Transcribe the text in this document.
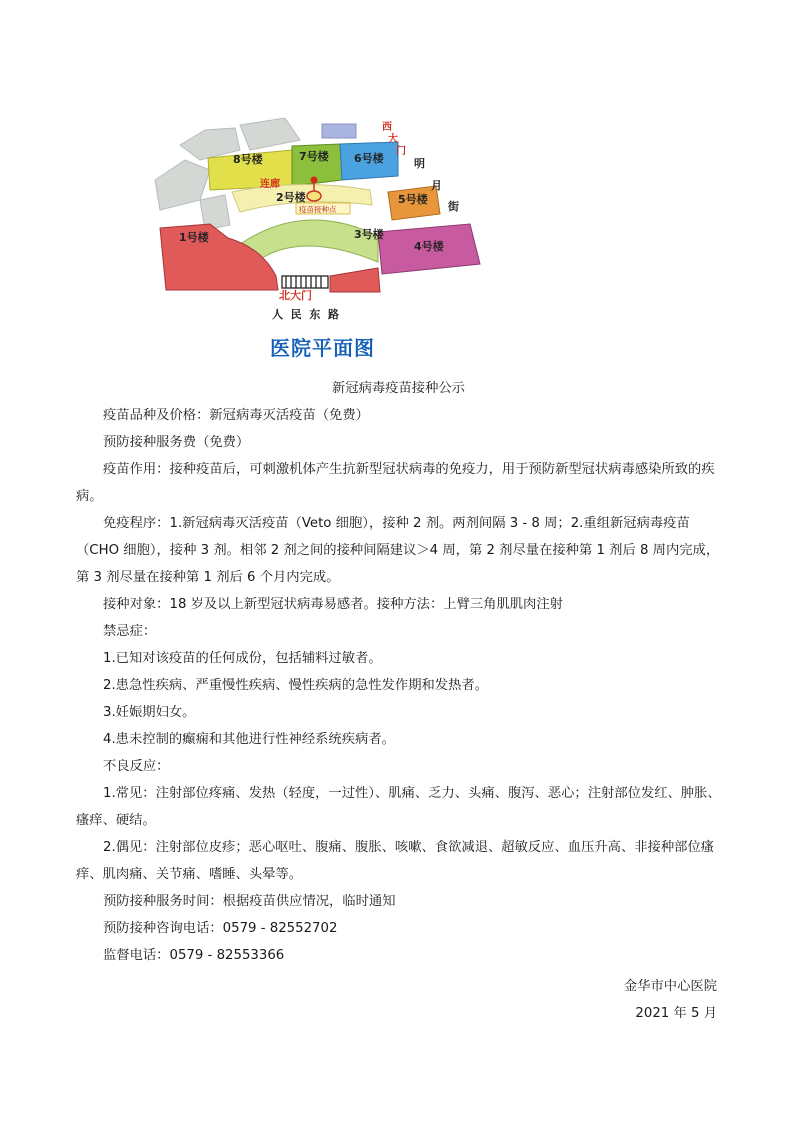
8号楼	7号楼 6号楼
2号楼	5号楼
1号楼	3号楼
4号楼
连廊
疫苗接种点
西
大
门
明
月
街
北大门
人  民  东  路
医院平面图

新冠病毒疫苗接种公示

疫苗品种及价格：新冠病毒灭活疫苗（免费）

预防接种服务费（免费）

疫苗作用：接种疫苗后，可刺激机体产生抗新型冠状病毒的免疫力，用于预防新型冠状病毒感染所致的疾病。

免疫程序：1.新冠病毒灭活疫苗（Veto 细胞），接种 2 剂。两剂间隔 3 - 8 周；2.重组新冠病毒疫苗（CHO 细胞），接种 3 剂。相邻 2 剂之间的接种间隔建议＞4 周，第 2 剂尽量在接种第 1 剂后 8 周内完成，第 3 剂尽量在接种第 1 剂后 6 个月内完成。

接种对象：18 岁及以上新型冠状病毒易感者。接种方法：上臂三角肌肌肉注射

禁忌症：

1.已知对该疫苗的任何成份，包括辅料过敏者。

2.患急性疾病、严重慢性疾病、慢性疾病的急性发作期和发热者。

3.妊娠期妇女。

4.患未控制的癫痫和其他进行性神经系统疾病者。

不良反应：

1.常见：注射部位疼痛、发热（轻度，一过性）、肌痛、乏力、头痛、腹泻、恶心；注射部位发红、肿胀、瘙痒、硬结。

2.偶见：注射部位皮疹；恶心呕吐、腹痛、腹胀、咳嗽、食欲减退、超敏反应、血压升高、非接种部位瘙痒、肌肉痛、关节痛、嗜睡、头晕等。

预防接种服务时间：根据疫苗供应情况，临时通知

预防接种咨询电话：0579 - 82552702

监督电话：0579 - 82553366

金华市中心医院

2021 年 5 月
